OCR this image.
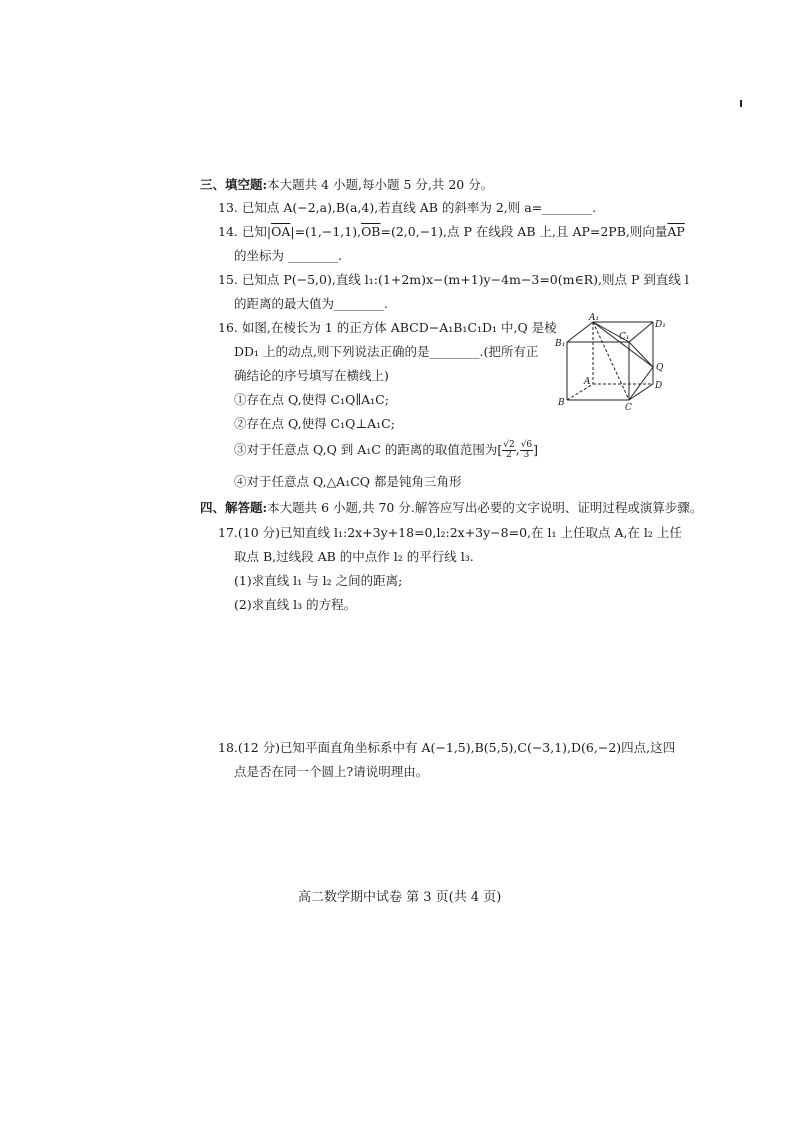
三、填空题:本大题共 4 小题,每小题 5 分,共 20 分。
13. 已知点 A(−2,a),B(a,4),若直线 AB 的斜率为 2,则 a=________.
14. 已知$|\overline{OA}|=(1,-1,1),\overline{OB}=(2,0,-1)$,点 P 在线段 AB 上,且 AP=2PB,则向量$\overline{AP}$
的坐标为 ________.
15. 已知点 P(−5,0),直线 l₁:(1+2m)x−(m+1)y−4m−3=0(m∈R),则点 P 到直线 l
的距离的最大值为________.
16. 如图,在棱长为 1 的正方体 ABCD−A₁B₁C₁D₁ 中,Q 是棱
DD₁ 上的动点,则下列说法正确的是________.(把所有正
确结论的序号填写在横线上)
①存在点 Q,使得 C₁Q∥A₁C;
②存在点 Q,使得 C₁Q⊥A₁C;
③对于任意点 Q,Q 到 A₁C 的距离的取值范围为[ $\frac{√2}{2}$ , $\frac{√6}{3}$ ]
④对于任意点 Q,△A₁CQ 都是钝角三角形
A₁
D₁
B₁
C₁
A	D
Q
B	C
四、解答题:本大题共 6 小题,共 70 分.解答应写出必要的文字说明、证明过程或演算步骤。
17.(10 分)已知直线 l₁:2x+3y+18=0,l₂:2x+3y−8=0,在 l₁ 上任取点 A,在 l₂ 上任
取点 B,过线段 AB 的中点作 l₂ 的平行线 l₃.
(1)求直线 l₁ 与 l₂ 之间的距离;
(2)求直线 l₃ 的方程。
18.(12 分)已知平面直角坐标系中有 A(−1,5),B(5,5),C(−3,1),D(6,−2)四点,这四
点是否在同一个圆上?请说明理由。
高二数学期中试卷 第 3 页(共 4 页)
